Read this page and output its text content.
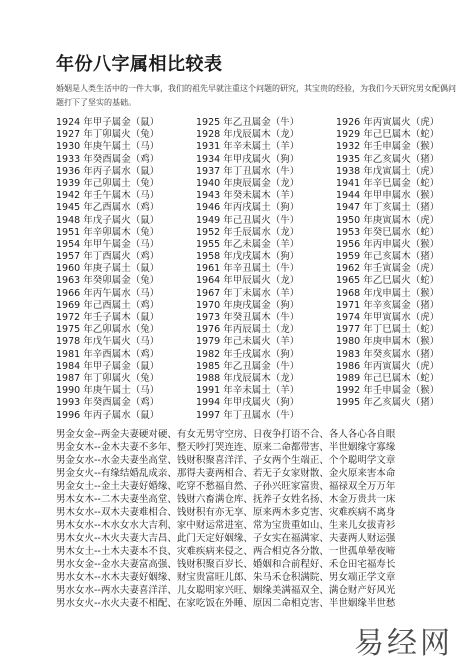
年份八字属相比较表
婚姻是人类生活中的一件大事，我们的祖先早就注重这个问题的研究，其宝贵的经验，为我们今天研究男女配偶问题打下了坚实的基础。
1924 年甲子属金（鼠）	1925 年乙丑属金（牛）	1926 年丙寅属火（虎）
1927 年丁卯属火（兔）	1928 年戊辰属木（龙）	1929 年己巳属木（蛇）
1930 年庚午属土（马）	1931 年辛未属土（羊）	1932 年壬申属金（猴）
1933 年癸酉属金（鸡）	1934 年甲戌属火（狗）	1935 年乙亥属火（猪）
1936 年丙子属水（鼠）	1937 年丁丑属水（牛）	1938 年戊寅属土（虎）
1939 年己卯属土（兔）	1940 年庚辰属金（龙）	1941 年辛巳属金（蛇）
1942 年壬午属木（马）	1943 年癸未属木（羊）	1944 年甲申属水（猴）
1945 年乙酉属水（鸡）	1946 年丙戌属土（狗）	1947 年丁亥属土（猪）
1948 年戊子属火（鼠）	1949 年己丑属火（牛）	1950 年庚寅属木（虎）
1951 年辛卯属木（兔）	1952 年壬辰属水（龙）	1953 年癸巳属水（蛇）
1954 年甲午属金（马）	1955 年乙未属金（羊）	1956 年丙申属火（猴）
1957 年丁酉属火（鸡）	1958 年戊戌属木（狗）	1959 年己亥属木（猪）
1960 年庚子属土（鼠）	1961 年辛丑属土（牛）	1962 年壬寅属金（虎）
1963 年癸卯属金（兔）	1964 年甲辰属火（龙）	1965 年乙巳属火（蛇）
1966 年丙午属水（马）	1967 年丁未属水（羊）	1968 年戊申属土（猴）
1969 年己酉属土（鸡）	1970 年庚戌属金（狗）	1971 年辛亥属金（猪）
1972 年壬子属木（鼠）	1973 年癸丑属木（牛）	1974 年甲寅属水（虎）
1975 年乙卯属水（兔）	1976 年丙辰属土（龙）	1977 年丁巳属土（蛇）
1978 年戊午属火（马）	1979 年己未属火（羊）	1980 年庚申属木（猴）
1981 年辛酉属木（鸡）	1982 年壬戌属水（狗）	1983 年癸亥属水（猪）
1984 年甲子属金（鼠）	1985 年乙丑属金（牛）	1986 年丙寅属火（虎）
1987 年丁卯属火（兔）	1988 年戊辰属木（龙）	1989 年己巳属木（蛇）
1990 年庚午属土（马）	1991 年辛未属土（羊）	1992 年壬申属金（猴）
1993 年癸酉属金（鸡）	1994 年甲戌属火（狗）	1995 年乙亥属火（猪）
1996 年丙子属水（鼠）	1997 年丁丑属水（牛）
男金女金--两金夫妻硬对硬、有女无男守空房、日夜争打语不合、各人各心各自眼
男金女木--金木夫妻不多年、整天吵打哭连连、原来二命都带害、半世姻缘守寡缘
男金女水--水金夫妻坐高堂、钱财积聚喜洋洋、子女两个生端正、个个聪明学文章
男金女火--有缘结婚乱成亲、那得夫妻两相合、若无子女家财散、金火原来害本命
男金女土--金土夫妻好婚缘、吃穿不愁福自然、子孙兴旺家富贵、福禄双全万万年
男木女木--二木夫妻坐高堂、钱财六畜满仓库、抚养子女姓名扬、木金万贵共一床
男木女水--双木夫妻难相合、钱财积有亦无享、原来两木多克害、灾难疾病不离身
男木女水--木水女水大吉利、家中财运常进室、常为宝贵重如山、生来儿女拔青衫
男木女火--木火夫妻大吉昌、此门天定好姻缘、子女实在福满家、夫妻两人财运强
男木女土--土木夫妻本不良、灾难疾病来侵之、两合相克各分散、一世孤单晕夜啼
男水女金--金水夫妻富高强、钱财积聚百岁长、婚姻和合前程好、禾仓田宅福寿长
男水女木--水木夫妻好姻缘、财宝贵富旺儿郎、朱马禾仓积满院、男女端正学文章
男水女水--两水夫妻喜洋洋、儿女聪明家兴旺、姻缘美满福双全、满仓财产好风光
男水女火--水火夫妻不相配、在家吃饭在外睡、原因二命相克害、半世姻缘半世愁
易经网
